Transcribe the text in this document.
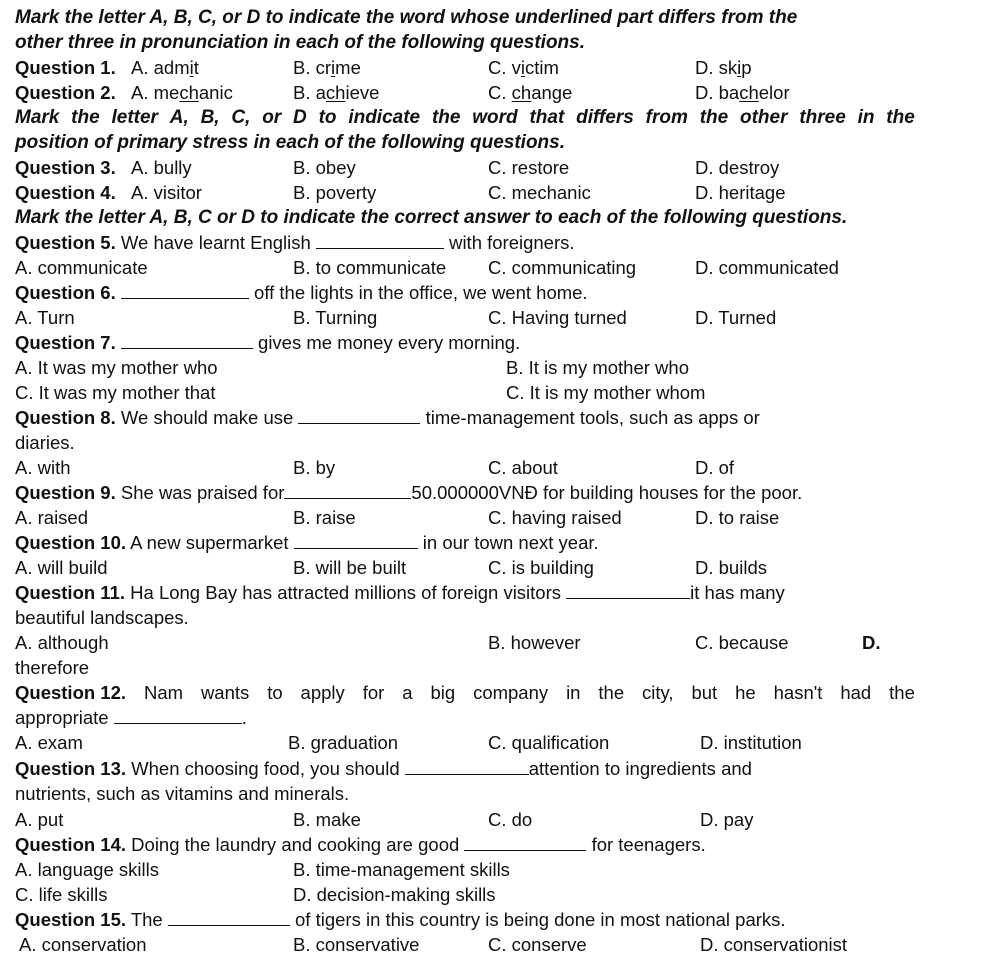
Mark the letter A, B, C, or D to indicate the word whose underlined part differs from the
other three in pronunciation in each of the following questions.
Question 1. A. admit	B. crime	C. victim	D. skip
Question 2. A. mechanic	B. achieve	C. change	D. bachelor
Mark the letter A, B, C, or D to indicate the word that differs from the other three in the
position of primary stress in each of the following questions.
Question 3. A. bully	B. obey	C. restore	D. destroy
Question 4. A. visitor	B. poverty	C. mechanic	D. heritage
Mark the letter A, B, C or D to indicate the correct answer to each of the following questions.
Question 5. We have learnt English	with foreigners.
A. communicate	B. to communicate C. communicating	D. communicated
Question 6.	off the lights in the office, we went home.
A. Turn	B. Turning	C. Having turned	D. Turned
Question 7.	gives me money every morning.
A. It was my mother who	B. It is my mother who
C. It was my mother that	C. It is my mother whom
Question 8. We should make use	time-management tools, such as apps or
diaries.
A. with	B. by	C. about	D. of
Question 9. She was praised for	50.000000VNĐ for building houses for the poor.
A. raised	B. raise	C. having raised	D. to raise
Question 10. A new supermarket	in our town next year.
A. will build	B. will be built	C. is building	D. builds
Question 11. Ha Long Bay has attracted millions of foreign visitors	it has many
beautiful landscapes.
A. although	B. however	C. because	D.
therefore
Question 12. Nam wants to apply for a big company in the city, but he hasn't had the
appropriate	.
A. exam	B. graduation	C. qualification	D. institution
Question 13. When choosing food, you should	attention to ingredients and
nutrients, such as vitamins and minerals.
A. put	B. make	C. do	D. pay
Question 14. Doing the laundry and cooking are good	for teenagers.
A. language skills	B. time-management skills
C. life skills	D. decision-making skills
Question 15. The	of tigers in this country is being done in most national parks.
A. conservation	B. conservative	C. conserve	D. conservationist
